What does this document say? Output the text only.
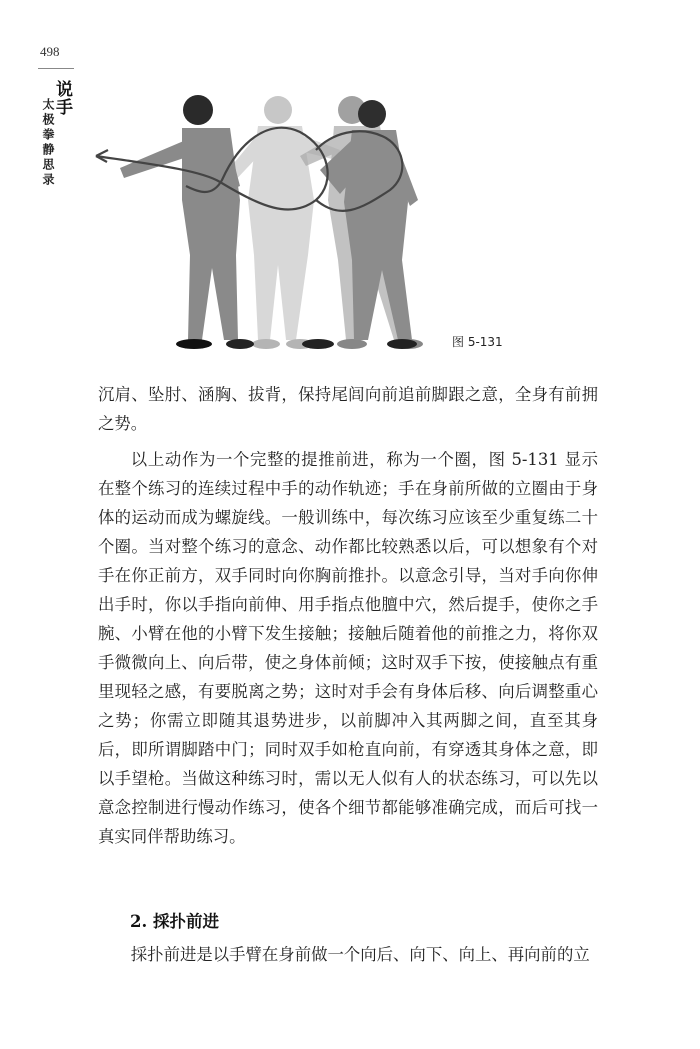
498
说手
太极拳静思录
图 5-131

沉肩、坠肘、涵胸、拔背，保持尾闾向前追前脚跟之意，全身有前拥之势。

以上动作为一个完整的提推前进，称为一个圈，图 5-131 显示在整个练习的连续过程中手的动作轨迹；手在身前所做的立圈由于身体的运动而成为螺旋线。一般训练中，每次练习应该至少重复练二十个圈。当对整个练习的意念、动作都比较熟悉以后，可以想象有个对手在你正前方，双手同时向你胸前推扑。以意念引导，当对手向你伸出手时，你以手指向前伸、用手指点他膻中穴，然后提手，使你之手腕、小臂在他的小臂下发生接触；接触后随着他的前推之力，将你双手微微向上、向后带，使之身体前倾；这时双手下按，使接触点有重里现轻之感，有要脱离之势；这时对手会有身体后移、向后调整重心之势；你需立即随其退势进步，以前脚冲入其两脚之间，直至其身后，即所谓脚踏中门；同时双手如枪直向前，有穿透其身体之意，即以手望枪。当做这种练习时，需以无人似有人的状态练习，可以先以意念控制进行慢动作练习，使各个细节都能够准确完成，而后可找一真实同伴帮助练习。

2. 採扑前进

採扑前进是以手臂在身前做一个向后、向下、向上、再向前的立
